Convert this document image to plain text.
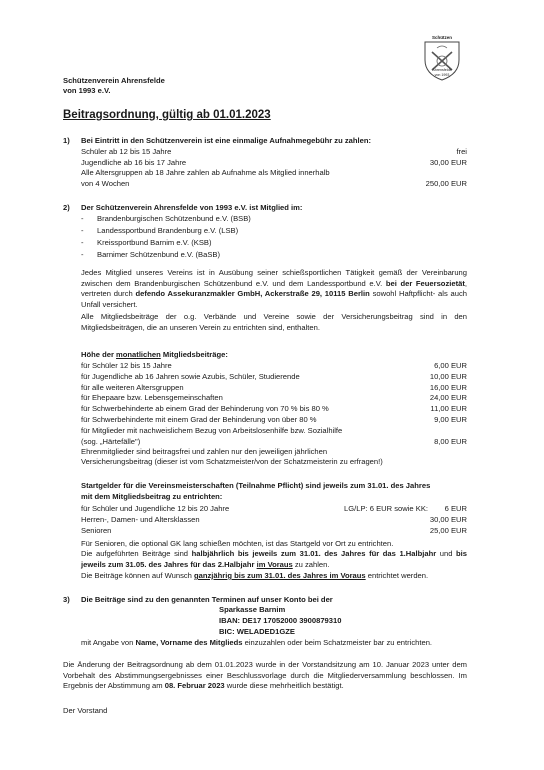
Schützen
Ahrensfelde
von 1993
Schützenverein Ahrensfelde
von 1993 e.V.
Beitragsordnung, gültig ab 01.01.2023
1) Bei Eintritt in den Schützenverein ist eine einmalige Aufnahmegebühr zu zahlen:
Schüler ab 12 bis 15 Jahre	frei
Jugendliche ab 16 bis 17 Jahre	30,00 EUR
Alle Altersgruppen ab 18 Jahre zahlen ab Aufnahme als Mitglied innerhalb
von 4 Wochen	250,00 EUR
2) Der Schützenverein Ahrensfelde von 1993 e.V. ist Mitglied im:
- Brandenburgischen Schützenbund e.V. (BSB)
- Landessportbund Brandenburg e.V. (LSB)
- Kreissportbund Barnim e.V. (KSB)
- Barnimer Schützenbund e.V. (BaSB)
Jedes Mitglied unseres Vereins ist in Ausübung seiner schießsportlichen Tätigkeit gemäß der Vereinbarung zwischen dem Brandenburgischen Schützenbund e.V. und dem Landessportbund e.V. bei der Feuersozietät, vertreten durch defendo Assekuranzmakler GmbH, Ackerstraße 29, 10115 Berlin sowohl Haftpflicht- als auch Unfall versichert.
Alle Mitgliedsbeiträge der o.g. Verbände und Vereine sowie der Versicherungsbeitrag sind in den Mitgliedsbeiträgen, die an unseren Verein zu entrichten sind, enthalten.
Höhe der monatlichen Mitgliedsbeiträge:
für Schüler 12 bis 15 Jahre	6,00 EUR
für Jugendliche ab 16 Jahren sowie Azubis, Schüler, Studierende	10,00 EUR
für alle weiteren Altersgruppen	16,00 EUR
für Ehepaare bzw. Lebensgemeinschaften	24,00 EUR
für Schwerbehinderte ab einem Grad der Behinderung von 70 % bis 80 %	11,00 EUR
für Schwerbehinderte mit einem Grad der Behinderung von über 80 %	9,00 EUR
für Mitglieder mit nachweislichem Bezug von Arbeitslosenhilfe bzw. Sozialhilfe
(sog. „Härtefälle")	8,00 EUR
Ehrenmitglieder sind beitragsfrei und zahlen nur den jeweiligen jährlichen
Versicherungsbeitrag (dieser ist vom Schatzmeister/von der Schatzmeisterin zu erfragen!)
Startgelder für die Vereinsmeisterschaften (Teilnahme Pflicht) sind jeweils zum 31.01. des Jahres
mit dem Mitgliedsbeitrag zu entrichten:
für Schüler und Jugendliche 12 bis 20 Jahre	LG/LP: 6 EUR sowie KK: 6 EUR
Herren-, Damen- und Altersklassen	30,00 EUR
Senioren	25,00 EUR
Für Senioren, die optional GK lang schießen möchten, ist das Startgeld vor Ort zu entrichten.
Die aufgeführten Beiträge sind halbjährlich bis jeweils zum 31.01. des Jahres für das 1.Halbjahr und bis jeweils zum 31.05. des Jahres für das 2.Halbjahr im Voraus zu zahlen.
Die Beiträge können auf Wunsch ganzjährig bis zum 31.01. des Jahres im Voraus entrichtet werden.
3) Die Beiträge sind zu den genannten Terminen auf unser Konto bei der
Sparkasse Barnim
IBAN: DE17 17052000 3900879310
BIC: WELADED1GZE
mit Angabe von Name, Vorname des Mitglieds einzuzahlen oder beim Schatzmeister bar zu entrichten.
Die Änderung der Beitragsordnung ab dem 01.01.2023 wurde in der Vorstandsitzung am 10. Januar 2023 unter dem Vorbehalt des Abstimmungsergebnisses einer Beschlussvorlage durch die Mitgliederversammlung beschlossen. Im Ergebnis der Abstimmung am 08. Februar 2023 wurde diese mehrheitlich bestätigt.
Der Vorstand
